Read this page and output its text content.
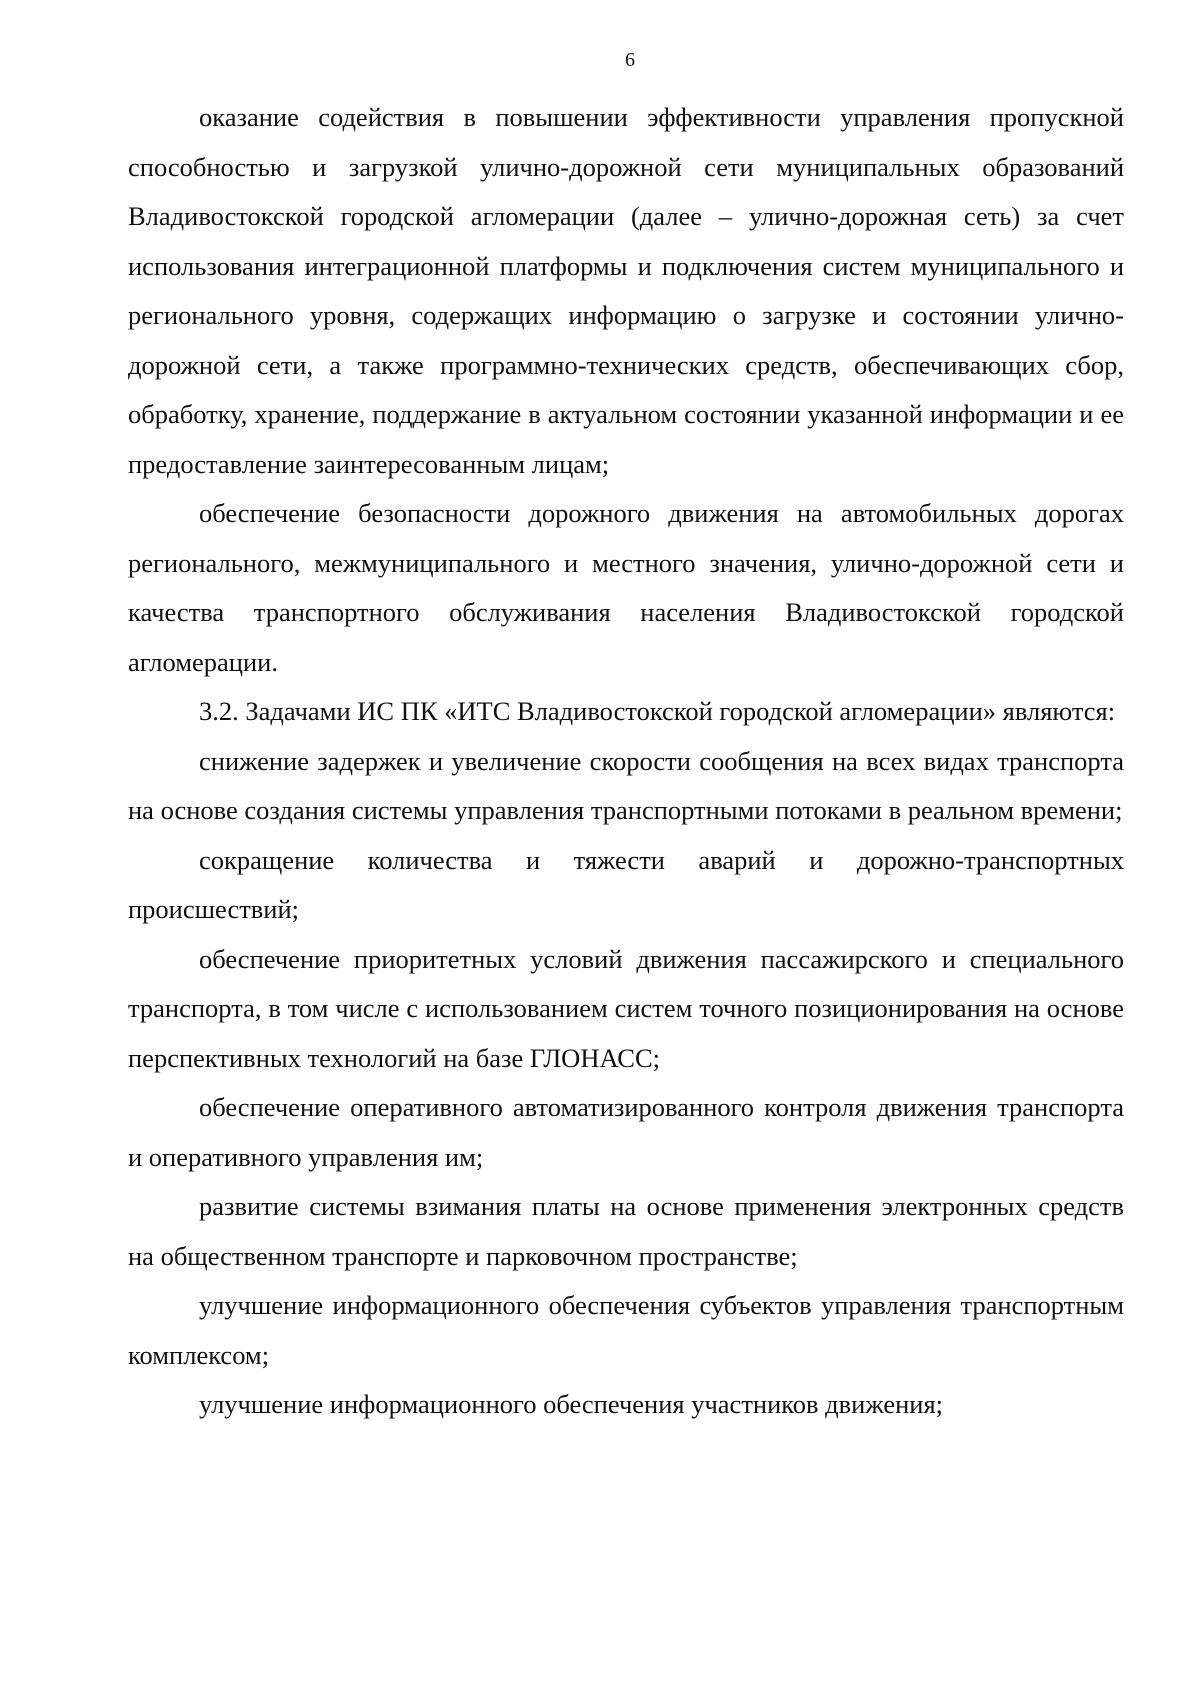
6

оказание содействия в повышении эффективности управления пропускной способностью и загрузкой улично-дорожной сети муниципальных образований Владивостокской городской агломерации (далее – улично-дорожная сеть) за счет использования интеграционной платформы и подключения систем муниципального и регионального уровня, содержащих информацию о загрузке и состоянии улично-дорожной сети, а также программно-технических средств, обеспечивающих сбор, обработку, хранение, поддержание в актуальном состоянии указанной информации и ее предоставление заинтересованным лицам;

обеспечение безопасности дорожного движения на автомобильных дорогах регионального, межмуниципального и местного значения, улично-дорожной сети и качества транспортного обслуживания населения Владивостокской городской агломерации.

3.2. Задачами ИС ПК «ИТС Владивостокской городской агломерации» являются:

снижение задержек и увеличение скорости сообщения на всех видах транспорта на основе создания системы управления транспортными потоками в реальном времени;

сокращение количества и тяжести аварий и дорожно-транспортных происшествий;

обеспечение приоритетных условий движения пассажирского и специального транспорта, в том числе с использованием систем точного позиционирования на основе перспективных технологий на базе ГЛОНАСС;

обеспечение оперативного автоматизированного контроля движения транспорта и оперативного управления им;

развитие системы взимания платы на основе применения электронных средств на общественном транспорте и парковочном пространстве;

улучшение информационного обеспечения субъектов управления транспортным комплексом;

улучшение информационного обеспечения участников движения;
